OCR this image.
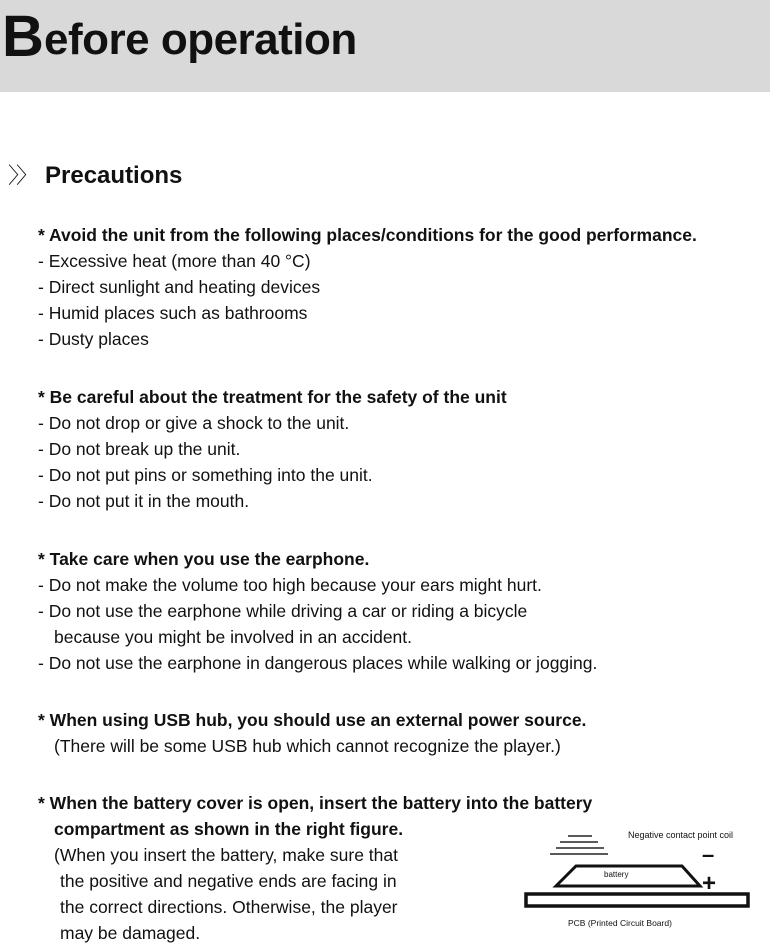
B efore operation
〉〉 Precautions
* Avoid the unit from the following places/conditions for the good performance.
- Excessive heat (more than 40 °C)
- Direct sunlight and heating devices
- Humid places such as bathrooms
- Dusty places
* Be careful about the treatment for the safety of the unit
- Do not drop or give a shock to the unit.
- Do not break up the unit.
- Do not put pins or something into the unit.
- Do not put it in the mouth.
* Take care when you use the earphone.
- Do not make the volume too high because your ears might hurt.
- Do not use the earphone while driving a car or riding a bicycle
because you might be involved in an accident.
- Do not use the earphone in dangerous places while walking or jogging.
* When using USB hub, you should use an external power source.
(There will be some USB hub which cannot recognize the player.)
* When the battery cover is open, insert the battery into the battery
compartment as shown in the right figure.
(When you insert the battery, make sure that
the positive and negative ends are facing in
the correct directions. Otherwise, the player
may be damaged.
Negative contact point coil
battery
–
+
PCB (Printed Circuit Board)
